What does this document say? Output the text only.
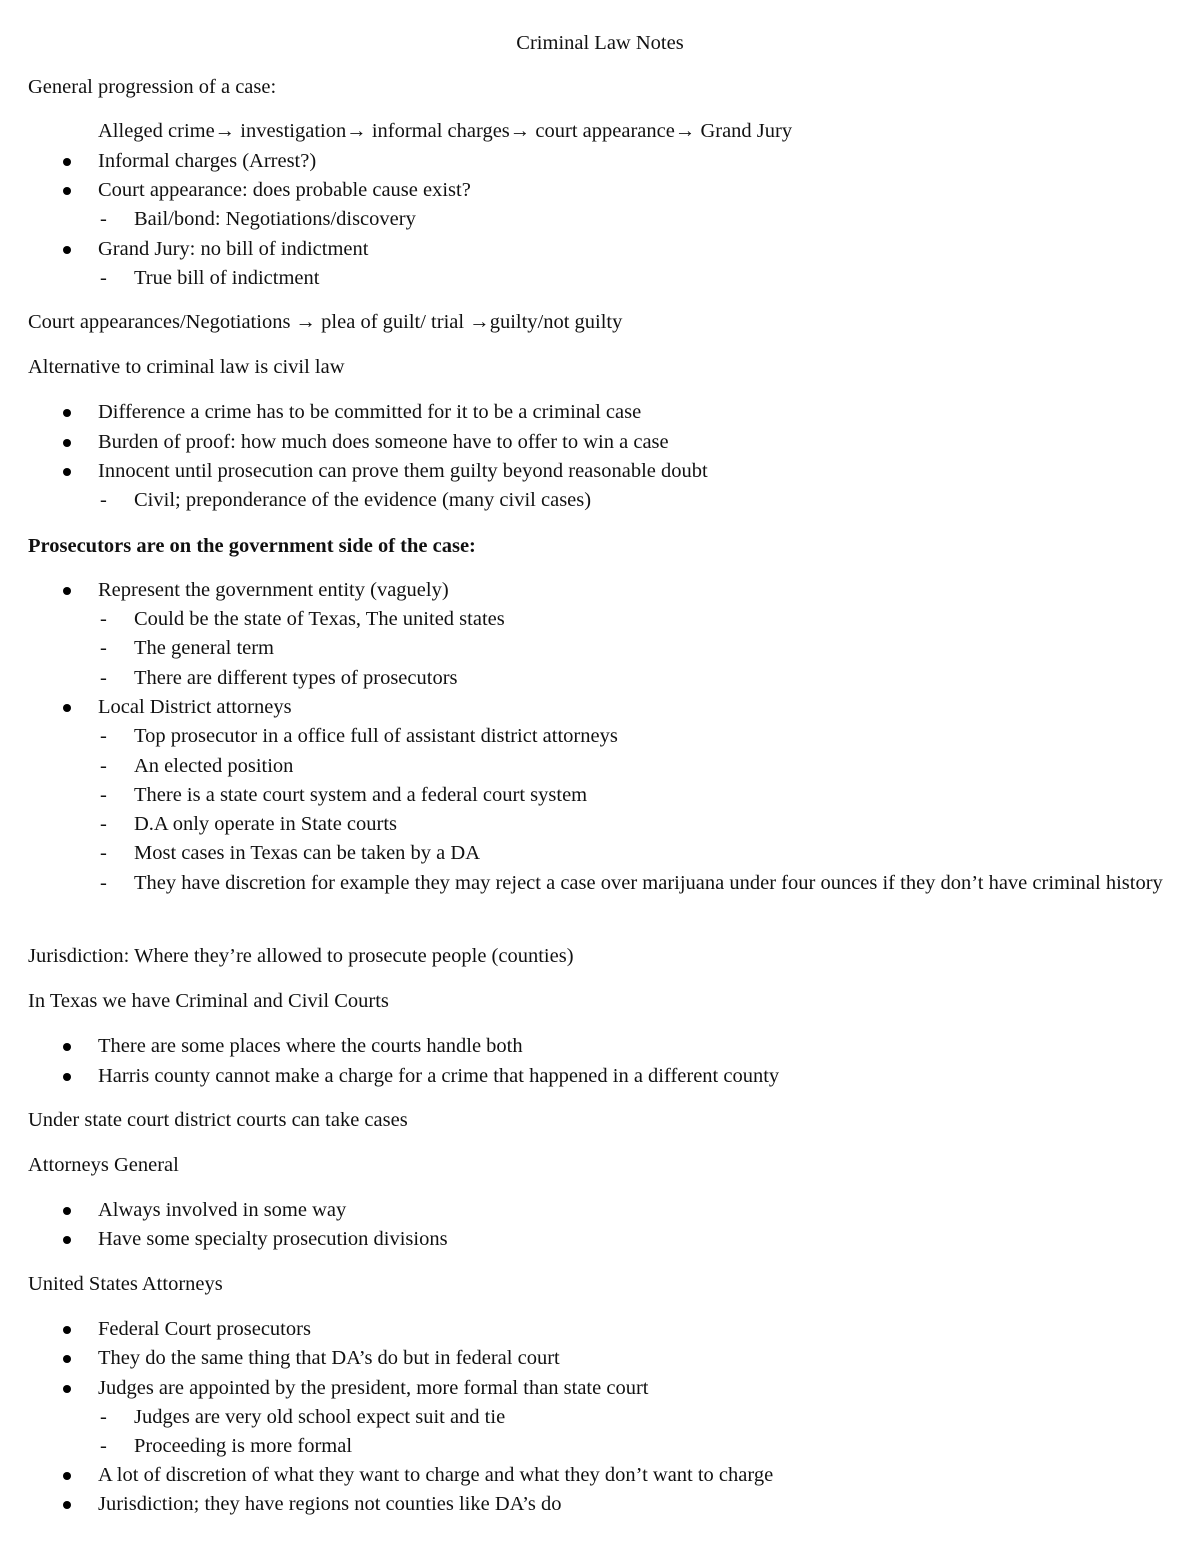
Criminal Law Notes
General progression of a case:
Alleged crime→ investigation→ informal charges→ court appearance→ Grand Jury
Informal charges (Arrest?)
Court appearance: does probable cause exist?
- Bail/bond: Negotiations/discovery
Grand Jury: no bill of indictment
- True bill of indictment
Court appearances/Negotiations → plea of guilt/ trial →guilty/not guilty
Alternative to criminal law is civil law
Difference a crime has to be committed for it to be a criminal case
Burden of proof: how much does someone have to offer to win a case
Innocent until prosecution can prove them guilty beyond reasonable doubt
- Civil; preponderance of the evidence (many civil cases)
Prosecutors are on the government side of the case:
Represent the government entity (vaguely)
- Could be the state of Texas, The united states
- The general term
- There are different types of prosecutors
Local District attorneys
- Top prosecutor in a office full of assistant district attorneys
- An elected position
- There is a state court system and a federal court system
- D.A only operate in State courts
- Most cases in Texas can be taken by a DA
- They have discretion for example they may reject a case over marijuana under four ounces if they don’t have criminal history
Jurisdiction: Where they’re allowed to prosecute people (counties)
In Texas we have Criminal and Civil Courts
There are some places where the courts handle both
Harris county cannot make a charge for a crime that happened in a different county
Under state court district courts can take cases
Attorneys General
Always involved in some way
Have some specialty prosecution divisions
United States Attorneys
Federal Court prosecutors
They do the same thing that DA’s do but in federal court
Judges are appointed by the president, more formal than state court
- Judges are very old school expect suit and tie
- Proceeding is more formal
A lot of discretion of what they want to charge and what they don’t want to charge
Jurisdiction; they have regions not counties like DA’s do
